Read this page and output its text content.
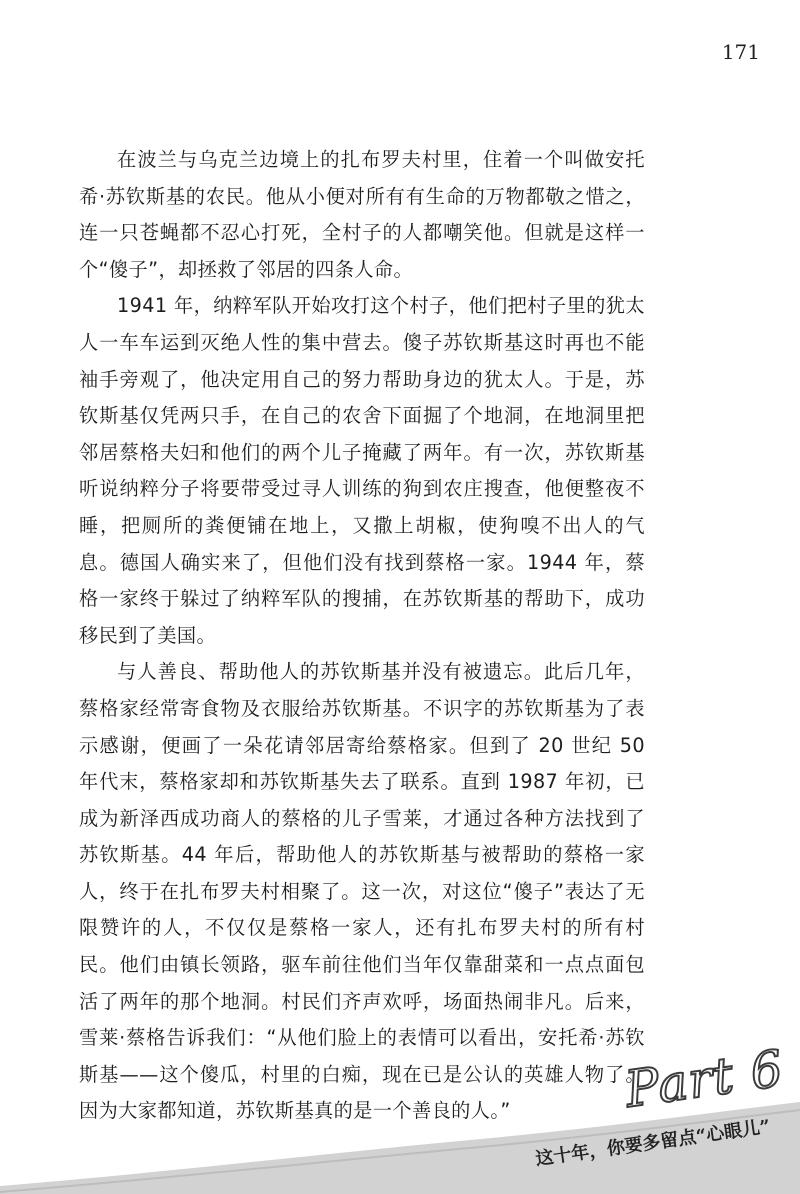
171

在波兰与乌克兰边境上的扎布罗夫村里，住着一个叫做安托希·苏钦斯基的农民。他从小便对所有有生命的万物都敬之惜之，连一只苍蝇都不忍心打死，全村子的人都嘲笑他。但就是这样一个“傻子”，却拯救了邻居的四条人命。

1941 年，纳粹军队开始攻打这个村子，他们把村子里的犹太人一车车运到灭绝人性的集中营去。傻子苏钦斯基这时再也不能袖手旁观了，他决定用自己的努力帮助身边的犹太人。于是，苏钦斯基仅凭两只手，在自己的农舍下面掘了个地洞，在地洞里把邻居蔡格夫妇和他们的两个儿子掩藏了两年。有一次，苏钦斯基听说纳粹分子将要带受过寻人训练的狗到农庄搜查，他便整夜不睡，把厕所的粪便铺在地上，又撒上胡椒，使狗嗅不出人的气息。德国人确实来了，但他们没有找到蔡格一家。1944 年，蔡格一家终于躲过了纳粹军队的搜捕，在苏钦斯基的帮助下，成功移民到了美国。

与人善良、帮助他人的苏钦斯基并没有被遗忘。此后几年，蔡格家经常寄食物及衣服给苏钦斯基。不识字的苏钦斯基为了表示感谢，便画了一朵花请邻居寄给蔡格家。但到了 20 世纪 50 年代末，蔡格家却和苏钦斯基失去了联系。直到 1987 年初，已成为新泽西成功商人的蔡格的儿子雪莱，才通过各种方法找到了苏钦斯基。44 年后，帮助他人的苏钦斯基与被帮助的蔡格一家人，终于在扎布罗夫村相聚了。这一次，对这位“傻子”表达了无限赞许的人，不仅仅是蔡格一家人，还有扎布罗夫村的所有村民。他们由镇长领路，驱车前往他们当年仅靠甜菜和一点点面包活了两年的那个地洞。村民们齐声欢呼，场面热闹非凡。后来，雪莱·蔡格告诉我们：“从他们脸上的表情可以看出，安托希·苏钦斯基——这个傻瓜，村里的白痴，现在已是公认的英雄人物了。因为大家都知道，苏钦斯基真的是一个善良的人。”	Part 6
这十年，你要多留点“心眼儿”
